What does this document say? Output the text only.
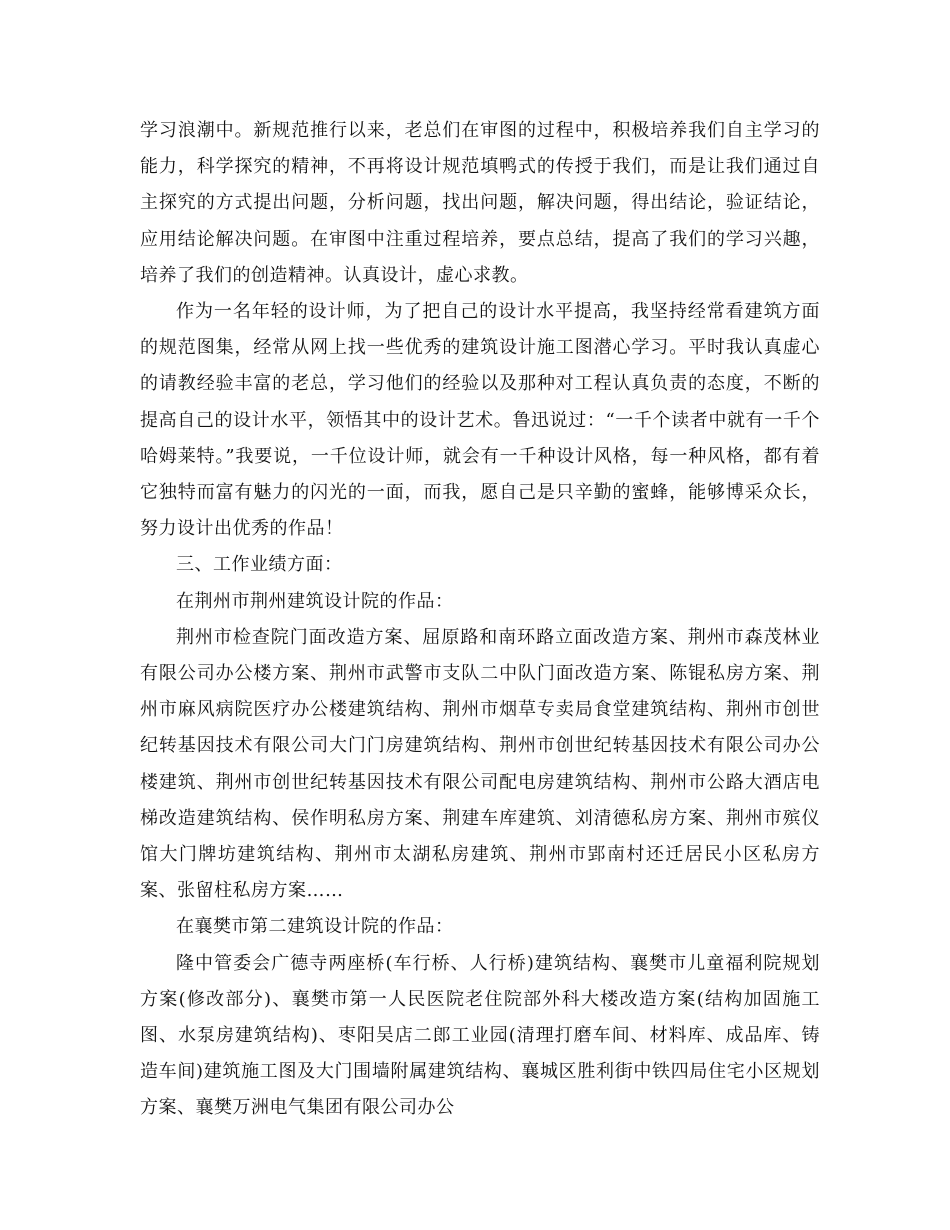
学习浪潮中。新规范推行以来，老总们在审图的过程中，积极培养我们自主学习的能力，科学探究的精神，不再将设计规范填鸭式的传授于我们，而是让我们通过自主探究的方式提出问题，分析问题，找出问题，解决问题，得出结论，验证结论，应用结论解决问题。在审图中注重过程培养，要点总结，提高了我们的学习兴趣，培养了我们的创造精神。认真设计，虚心求教。

作为一名年轻的设计师，为了把自己的设计水平提高，我坚持经常看建筑方面的规范图集，经常从网上找一些优秀的建筑设计施工图潜心学习。平时我认真虚心的请教经验丰富的老总，学习他们的经验以及那种对工程认真负责的态度，不断的提高自己的设计水平，领悟其中的设计艺术。鲁迅说过：“一千个读者中就有一千个哈姆莱特。”我要说，一千位设计师，就会有一千种设计风格，每一种风格，都有着它独特而富有魅力的闪光的一面，而我，愿自己是只辛勤的蜜蜂，能够博采众长，努力设计出优秀的作品！

三、工作业绩方面：

在荆州市荆州建筑设计院的作品：

荆州市检查院门面改造方案、屈原路和南环路立面改造方案、荆州市森茂林业有限公司办公楼方案、荆州市武警市支队二中队门面改造方案、陈锟私房方案、荆州市麻风病院医疗办公楼建筑结构、荆州市烟草专卖局食堂建筑结构、荆州市创世纪转基因技术有限公司大门门房建筑结构、荆州市创世纪转基因技术有限公司办公楼建筑、荆州市创世纪转基因技术有限公司配电房建筑结构、荆州市公路大酒店电梯改造建筑结构、侯作明私房方案、荆建车库建筑、刘清德私房方案、荆州市殡仪馆大门牌坊建筑结构、荆州市太湖私房建筑、荆州市郢南村还迁居民小区私房方案、张留柱私房方案……

在襄樊市第二建筑设计院的作品：

隆中管委会广德寺两座桥(车行桥、人行桥)建筑结构、襄樊市儿童福利院规划方案(修改部分)、襄樊市第一人民医院老住院部外科大楼改造方案(结构加固施工图、水泵房建筑结构)、枣阳吴店二郎工业园(清理打磨车间、材料库、成品库、铸造车间)建筑施工图及大门围墙附属建筑结构、襄城区胜利街中铁四局住宅小区规划方案、襄樊万洲电气集团有限公司办公
